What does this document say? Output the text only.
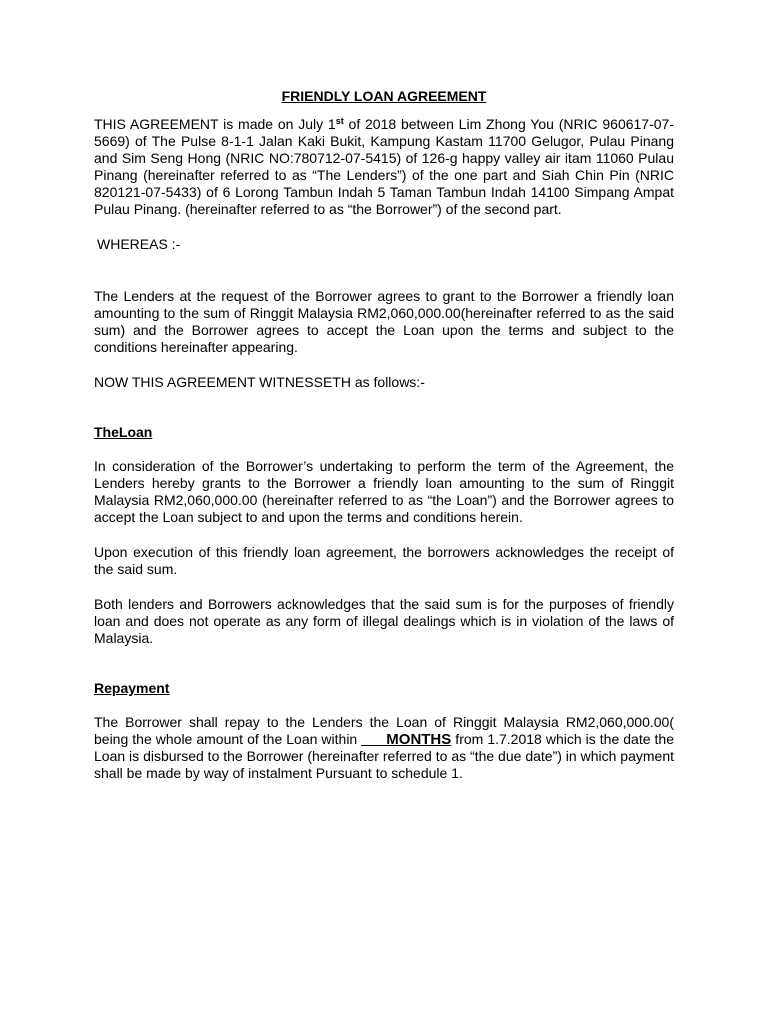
FRIENDLY LOAN AGREEMENT

THIS AGREEMENT is made on July 1st of 2018 between Lim Zhong You (NRIC 960617-07-5669) of The Pulse 8-1-1 Jalan Kaki Bukit, Kampung Kastam 11700 Gelugor, Pulau Pinang and Sim Seng Hong (NRIC NO:780712-07-5415) of 126-g happy valley air itam 11060 Pulau Pinang (hereinafter referred to as “The Lenders”) of the one part and Siah Chin Pin (NRIC 820121-07-5433) of 6 Lorong Tambun Indah 5 Taman Tambun Indah 14100 Simpang Ampat Pulau Pinang. (hereinafter referred to as “the Borrower”) of the second part.

WHEREAS :-

The Lenders at the request of the Borrower agrees to grant to the Borrower a friendly loan amounting to the sum of Ringgit Malaysia RM2,060,000.00(hereinafter referred to as the said sum) and the Borrower agrees to accept the Loan upon the terms and subject to the conditions hereinafter appearing.

NOW THIS AGREEMENT WITNESSETH as follows:-

TheLoan

In consideration of the Borrower’s undertaking to perform the term of the Agreement, the Lenders hereby grants to the Borrower a friendly loan amounting to the sum of Ringgit Malaysia RM2,060,000.00 (hereinafter referred to as “the Loan”) and the Borrower agrees to accept the Loan subject to and upon the terms and conditions herein.

Upon execution of this friendly loan agreement, the borrowers acknowledges the receipt of the said sum.

Both lenders and Borrowers acknowledges that the said sum is for the purposes of friendly loan and does not operate as any form of illegal dealings which is in violation of the laws of Malaysia.

Repayment

The Borrower shall repay to the Lenders the Loan of Ringgit Malaysia RM2,060,000.00( being the whole amount of the Loan within ___MONTHS from 1.7.2018 which is the date the Loan is disbursed to the Borrower (hereinafter referred to as “the due date”) in which payment shall be made by way of instalment Pursuant to schedule 1.
